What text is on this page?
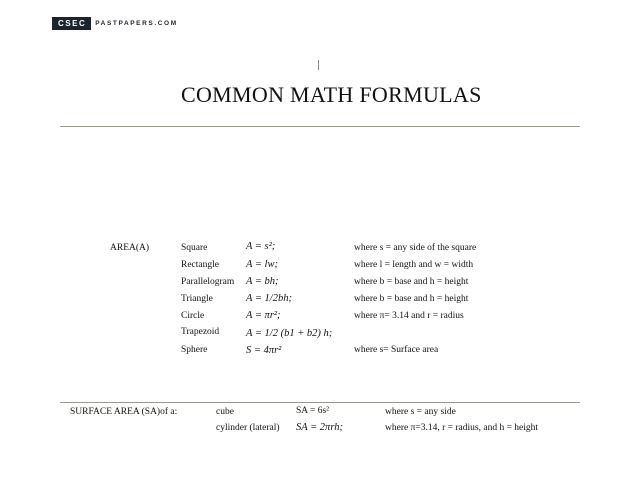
CSEC	PASTPAPERS.COM
COMMON MATH FORMULAS
AREA(A)	Square	A = s²;	where s = any side of the square
Rectangle	A = lw;	where l = length and w = width
Parallelogram A = bh;	where b = base and h = height
Triangle	A = 1/2bh;	where b = base and h = height
Circle	A = πr²;	where π= 3.14 and r = radius
Trapezoid	A = 1/2 (b1 + b2) h;
Sphere	S = 4πr²	where s= Surface area
SURFACE AREA (SA)of a:	cube	SA = 6s²	where s = any side
cylinder (lateral) SA = 2πrh;	where π=3.14, r = radius, and h = height
